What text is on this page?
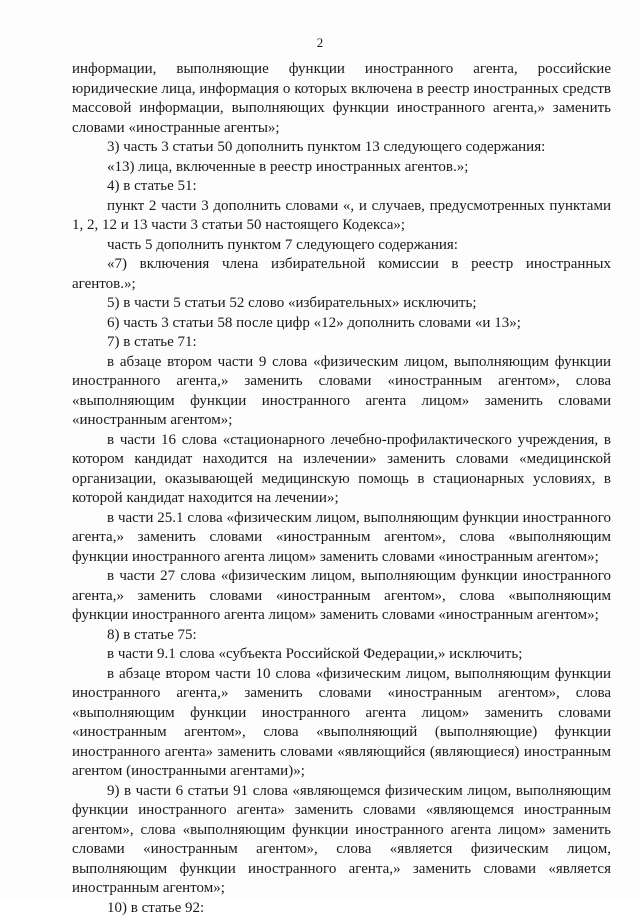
2

информации, выполняющие функции иностранного агента, российские юридические лица, информация о которых включена в реестр иностранных средств массовой информации, выполняющих функции иностранного агента,» заменить словами «иностранные агенты»;

3) часть 3 статьи 50 дополнить пунктом 13 следующего содержания:

«13) лица, включенные в реестр иностранных агентов.»;

4) в статье 51:

пункт 2 части 3 дополнить словами «, и случаев, предусмотренных пунктами 1, 2, 12 и 13 части 3 статьи 50 настоящего Кодекса»;

часть 5 дополнить пунктом 7 следующего содержания:

«7) включения члена избирательной комиссии в реестр иностранных агентов.»;

5) в части 5 статьи 52 слово «избирательных» исключить;

6) часть 3 статьи 58 после цифр «12» дополнить словами «и 13»;

7) в статье 71:

в абзаце втором части 9 слова «физическим лицом, выполняющим функции иностранного агента,» заменить словами «иностранным агентом», слова «выполняющим функции иностранного агента лицом» заменить словами «иностранным агентом»;

в части 16 слова «стационарного лечебно-профилактического учреждения, в котором кандидат находится на излечении» заменить словами «медицинской организации, оказывающей медицинскую помощь в стационарных условиях, в которой кандидат находится на лечении»;

в части 25.1 слова «физическим лицом, выполняющим функции иностранного агента,» заменить словами «иностранным агентом», слова «выполняющим функции иностранного агента лицом» заменить словами «иностранным агентом»;

в части 27 слова «физическим лицом, выполняющим функции иностранного агента,» заменить словами «иностранным агентом», слова «выполняющим функции иностранного агента лицом» заменить словами «иностранным агентом»;

8) в статье 75:

в части 9.1 слова «субъекта Российской Федерации,» исключить;

в абзаце втором части 10 слова «физическим лицом, выполняющим функции иностранного агента,» заменить словами «иностранным агентом», слова «выполняющим функции иностранного агента лицом» заменить словами «иностранным агентом», слова «выполняющий (выполняющие) функции иностранного агента» заменить словами «являющийся (являющиеся) иностранным агентом (иностранными агентами)»;

9) в части 6 статьи 91 слова «являющемся физическим лицом, выполняющим функции иностранного агента» заменить словами «являющемся иностранным агентом», слова «выполняющим функции иностранного агента лицом» заменить словами «иностранным агентом», слова «является физическим лицом, выполняющим функции иностранного агента,» заменить словами «является иностранным агентом»;

10) в статье 92:
